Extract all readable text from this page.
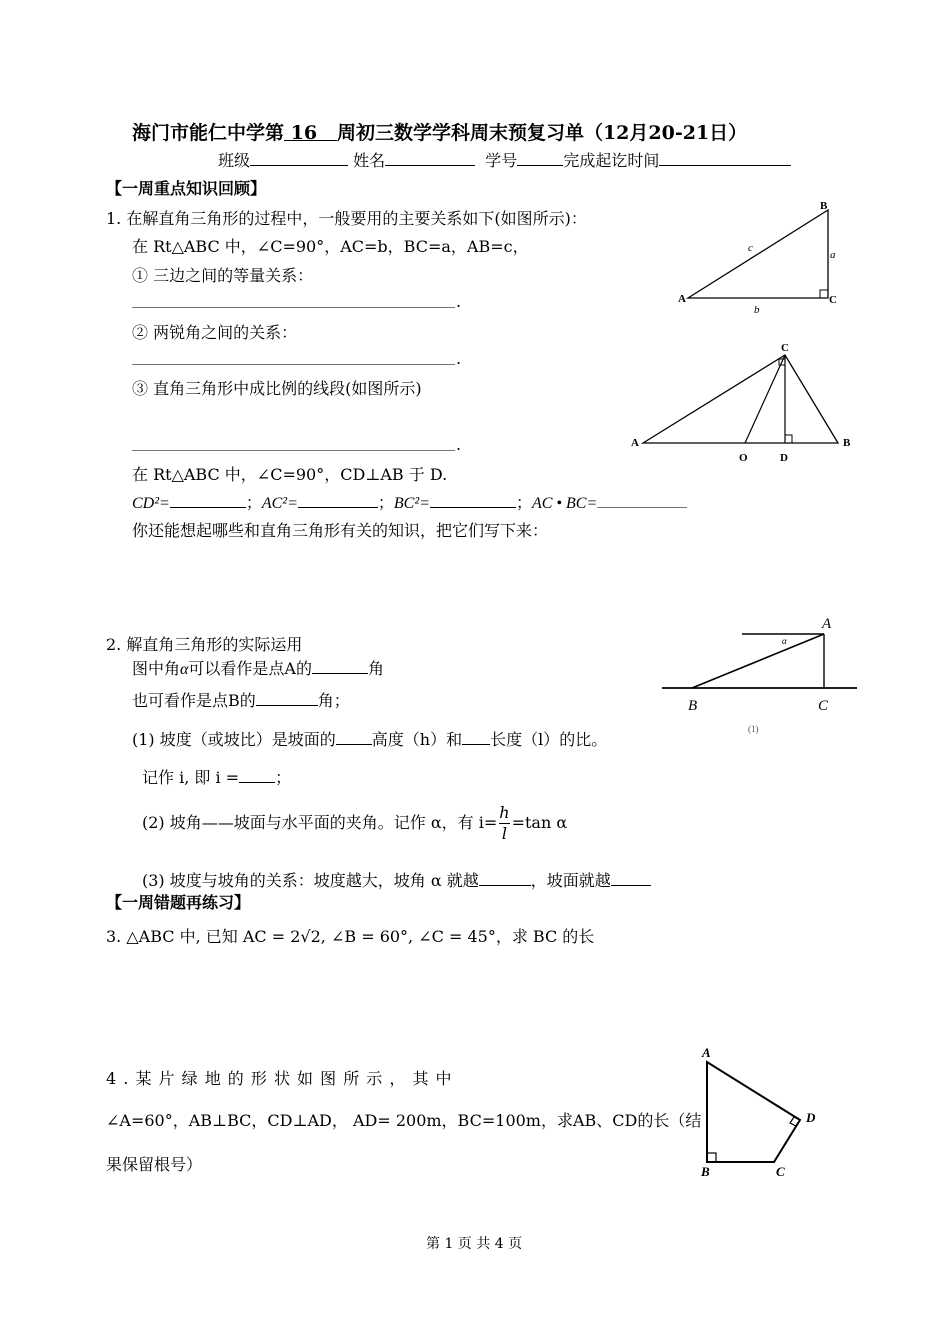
海门市能仁中学第 16 周初三数学学科周末预复习单（12月20-21日）
班级	姓名	学号	完成起讫时间
【一周重点知识回顾】
1. 在解直角三角形的过程中，一般要用的主要关系如下(如图所示)：
在 Rt△ABC 中，∠C=90°，AC=b，BC=a，AB=c，
① 三边之间的等量关系：
.
② 两锐角之间的关系：
.
③ 直角三角形中成比例的线段(如图所示)
.
在 Rt△ABC 中，∠C=90°，CD⊥AB 于 D.
CD²=	；AC²=	；BC²=	；AC • BC=
你还能想起哪些和直角三角形有关的知识，把它们写下来：
B
a
c
A	C
b
C
A	B
O	D
2. 解直角三角形的实际运用
图中角α可以看作是点A的	角
也可看作是点B的	角；
(1) 坡度（或坡比）是坡面的 高度（h）和 长度（l）的比。
记作 i, 即 i = ；
(2) 坡角——坡面与水平面的夹角。记作 α，有 $i= \frac{h}{l} =\tan$ α
(3) 坡度与坡角的关系：坡度越大，坡角 α 就越	，坡面就越
α
A
B	C
(1)
【一周错题再练习】
3. △ABC 中, 已知 AC = 2√2, ∠B = 60°, ∠C = 45°，求 BC 的长
4 . 某 片 绿 地 的 形 状 如 图 所 示 ， 其 中
∠A=60°，AB⊥BC，CD⊥AD， AD= 200m，BC=100m，求AB、CD的长（结
果保留根号）
A
B	C
D
第 1 页 共 4 页
